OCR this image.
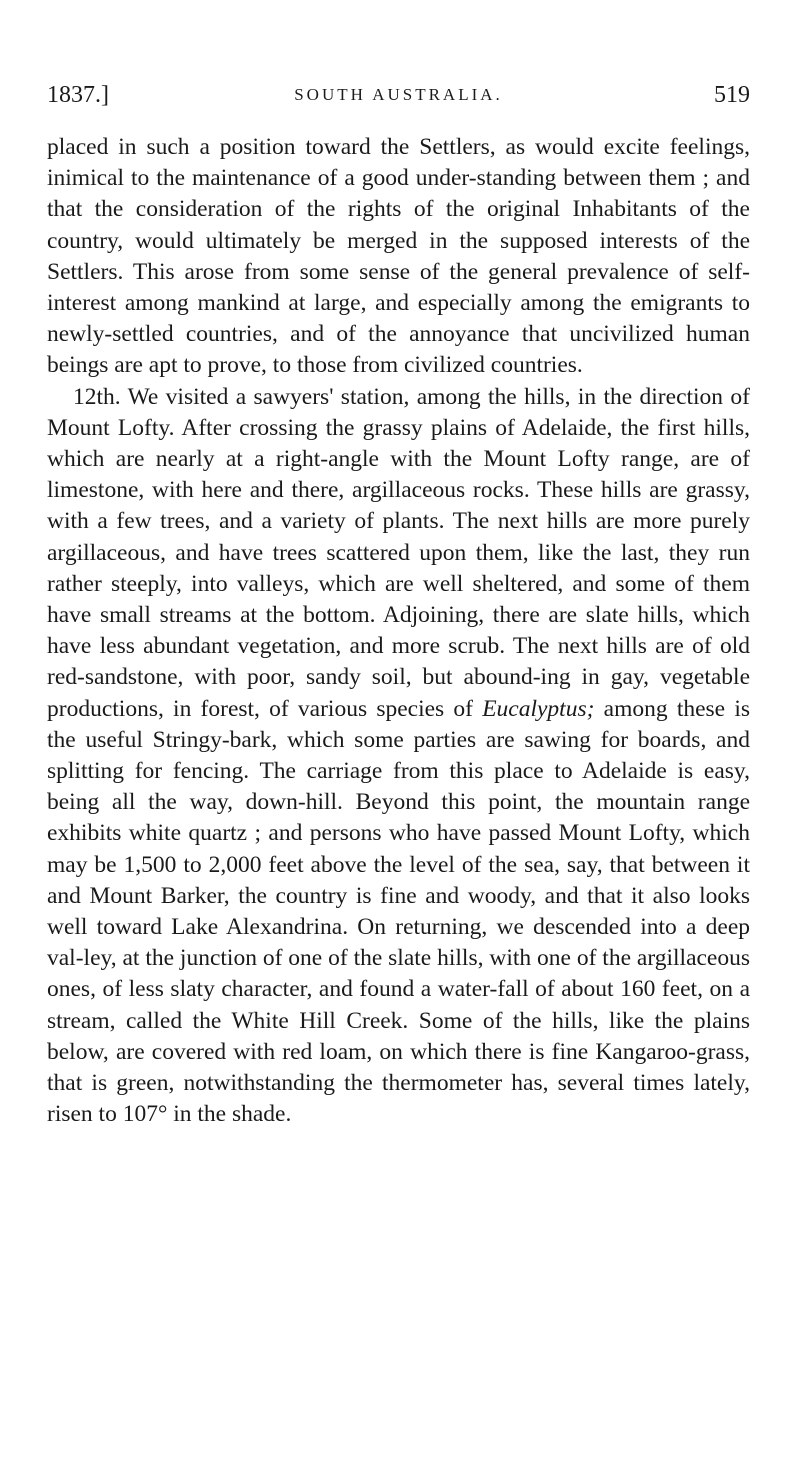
1837.]	SOUTH AUSTRALIA.	519

placed in such a position toward the Settlers, as would excite feelings, inimical to the maintenance of a good under-standing between them ; and that the consideration of the rights of the original Inhabitants of the country, would ultimately be merged in the supposed interests of the Settlers. This arose from some sense of the general prevalence of self-interest among mankind at large, and especially among the emigrants to newly-settled countries, and of the annoyance that uncivilized human beings are apt to prove, to those from civilized countries.

12th. We visited a sawyers' station, among the hills, in the direction of Mount Lofty. After crossing the grassy plains of Adelaide, the first hills, which are nearly at a right-angle with the Mount Lofty range, are of limestone, with here and there, argillaceous rocks. These hills are grassy, with a few trees, and a variety of plants. The next hills are more purely argillaceous, and have trees scattered upon them, like the last, they run rather steeply, into valleys, which are well sheltered, and some of them have small streams at the bottom. Adjoining, there are slate hills, which have less abundant vegetation, and more scrub. The next hills are of old red-sandstone, with poor, sandy soil, but abound-ing in gay, vegetable productions, in forest, of various species of Eucalyptus; among these is the useful Stringy-bark, which some parties are sawing for boards, and splitting for fencing. The carriage from this place to Adelaide is easy, being all the way, down-hill. Beyond this point, the mountain range exhibits white quartz ; and persons who have passed Mount Lofty, which may be 1,500 to 2,000 feet above the level of the sea, say, that between it and Mount Barker, the country is fine and woody, and that it also looks well toward Lake Alexandrina. On returning, we descended into a deep val-ley, at the junction of one of the slate hills, with one of the argillaceous ones, of less slaty character, and found a water-fall of about 160 feet, on a stream, called the White Hill Creek. Some of the hills, like the plains below, are covered with red loam, on which there is fine Kangaroo-grass, that is green, notwithstanding the thermometer has, several times lately, risen to 107° in the shade.
